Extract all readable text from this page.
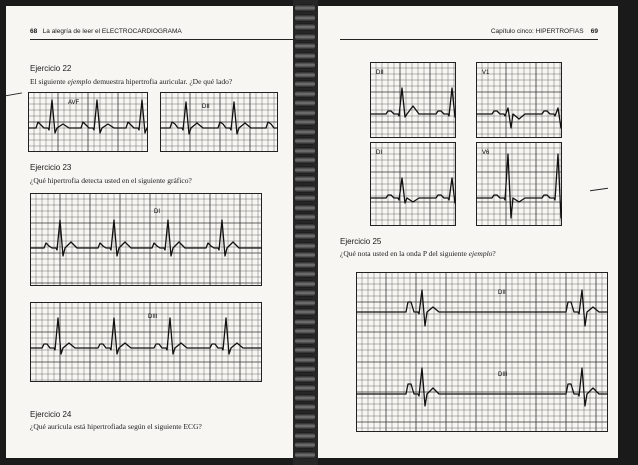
68 La alegría de leer el ELECTROCARDIOGRAMA
Ejercicio 22
El siguiente ejemplo demuestra hipertrofia auricular. ¿De qué lado?
AVF
DII
Ejercicio 23
¿Qué hipertrofia detecta usted en el siguiente gráfico?
DI
DIII
Ejercicio 24
¿Qué aurícula está hipertrofiada según el siguiente ECG?
Capítulo cinco: HIPERTROFIAS 69
DII	V1
DI	V6
Ejercicio 25
¿Qué nota usted en la onda P del siguiente ejemplo?
DII
DIII
